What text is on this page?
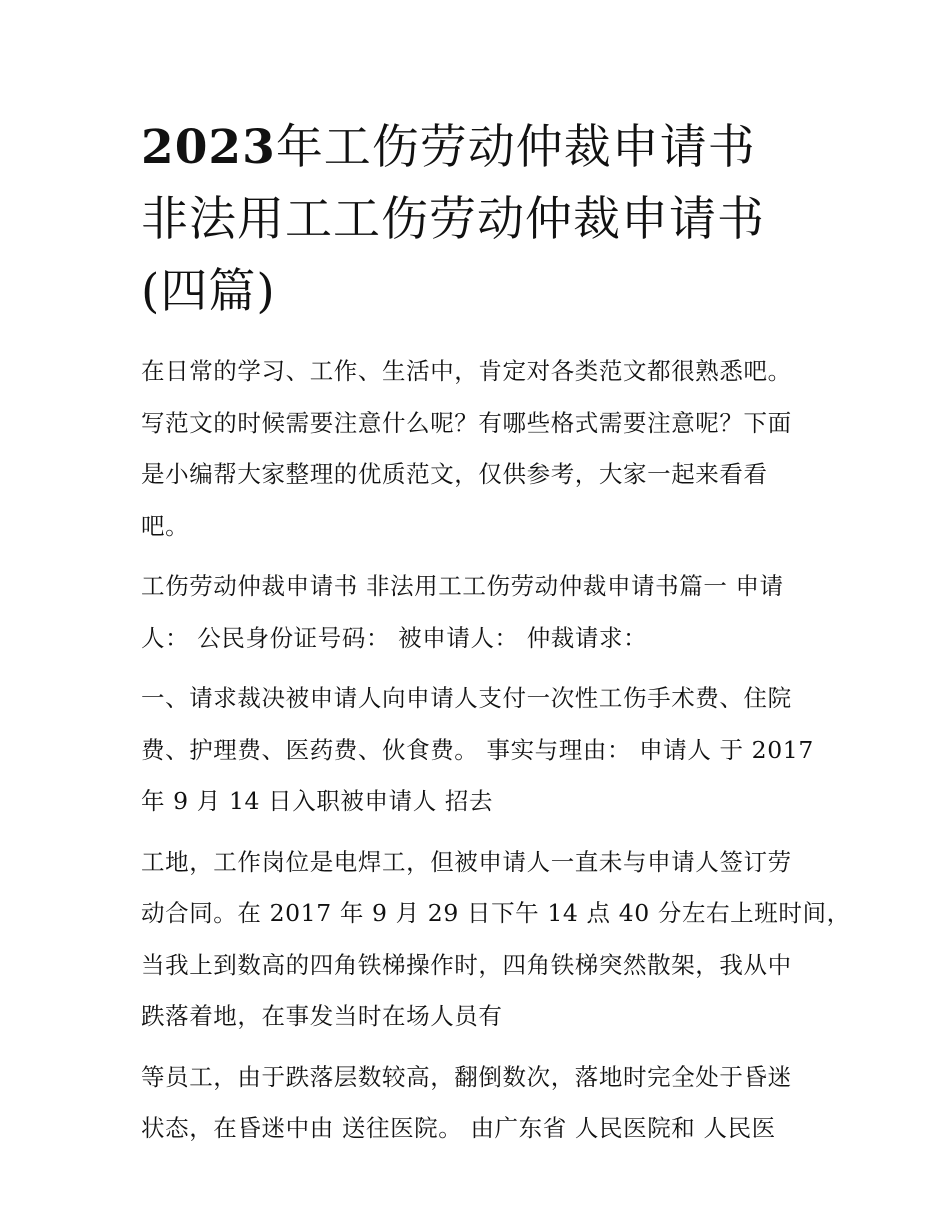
2023年工伤劳动仲裁申请书
非法用工工伤劳动仲裁申请书
(四篇)

在日常的学习、工作、生活中，肯定对各类范文都很熟悉吧。
写范文的时候需要注意什么呢？有哪些格式需要注意呢？下面
是小编帮大家整理的优质范文，仅供参考，大家一起来看看
吧。

工伤劳动仲裁申请书 非法用工工伤劳动仲裁申请书篇一 申请
人： 公民身份证号码： 被申请人： 仲裁请求：

一、请求裁决被申请人向申请人支付一次性工伤手术费、住院
费、护理费、医药费、伙食费。 事实与理由： 申请人 于 2017
年 9 月 14 日入职被申请人 招去

工地，工作岗位是电焊工，但被申请人一直未与申请人签订劳
动合同。在 2017 年 9 月 29 日下午 14 点 40 分左右上班时间，
当我上到数高的四角铁梯操作时，四角铁梯突然散架，我从中
跌落着地，在事发当时在场人员有

等员工，由于跌落层数较高，翻倒数次，落地时完全处于昏迷
状态，在昏迷中由 送往医院。 由广东省 人民医院和 人民医
